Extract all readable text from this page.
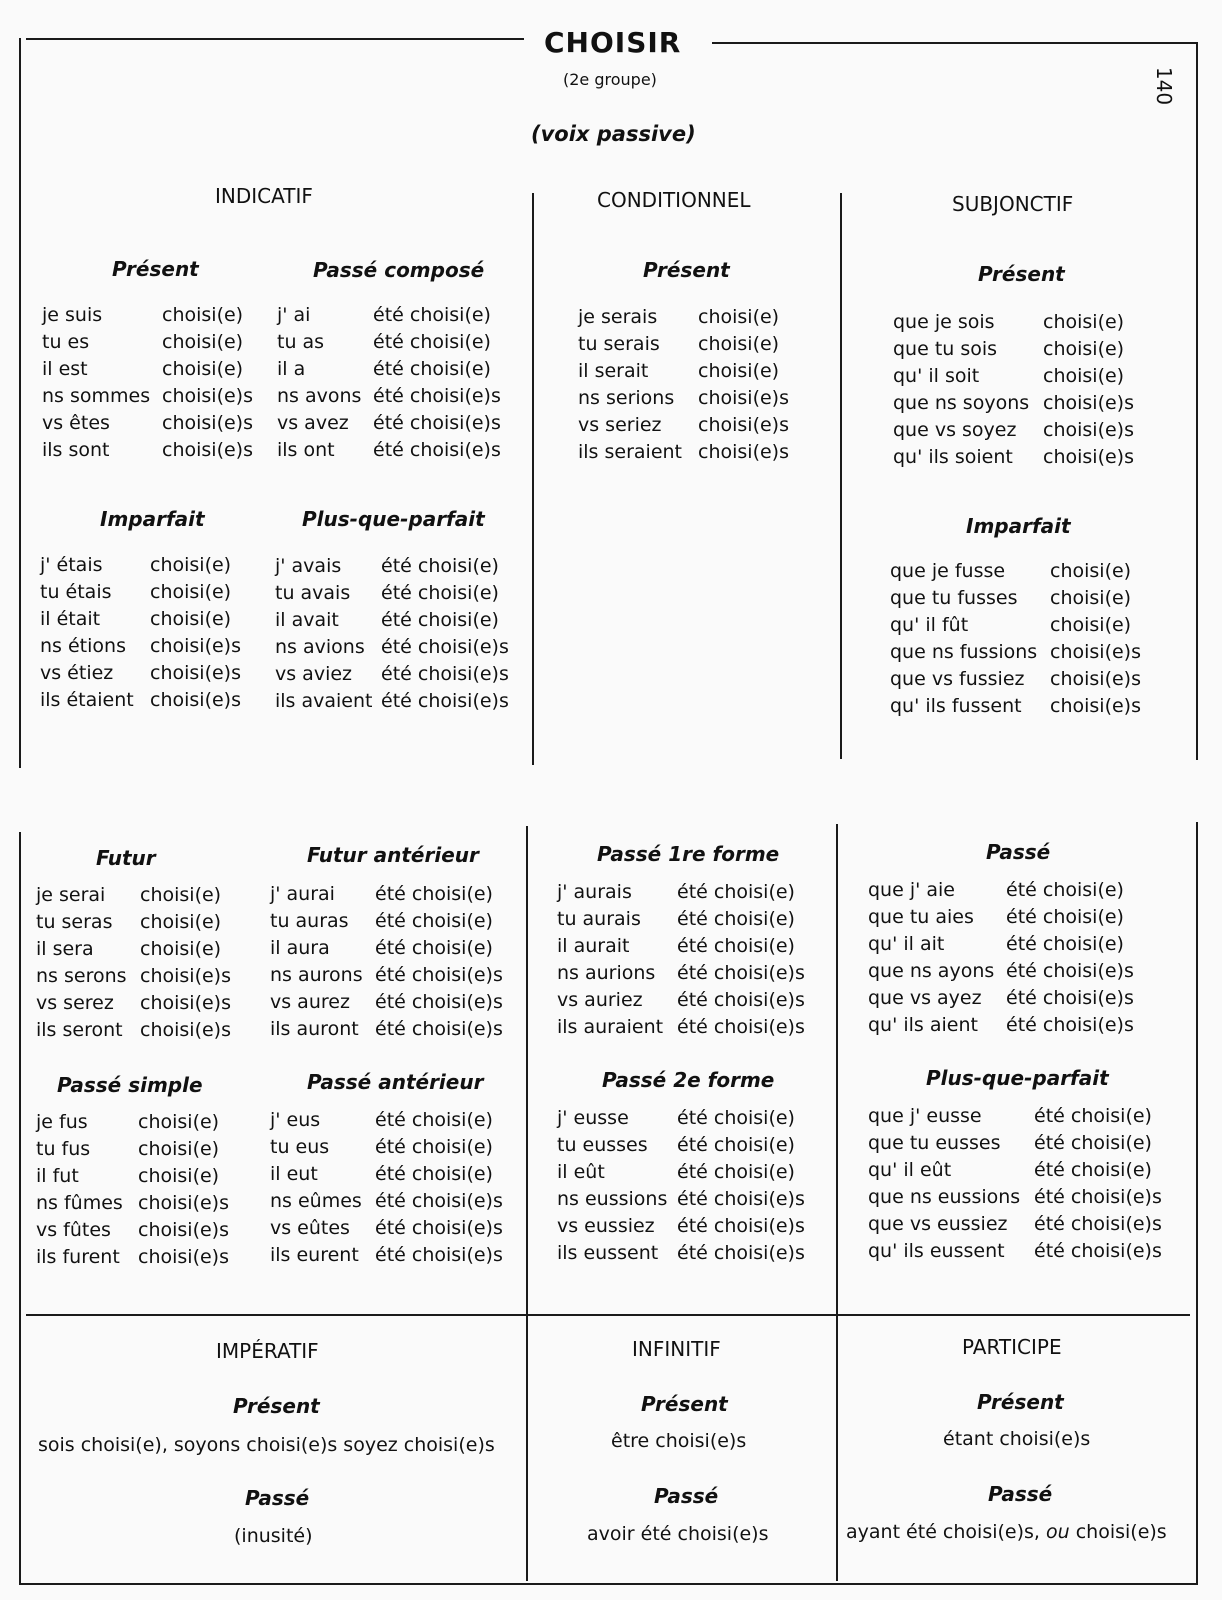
CHOISIR
(2e groupe)
(voix passive)
140
INDICATIF	CONDITIONNEL	SUBJONCTIF
Présent	Passé composé	Présent	Présent
Imparfait	Plus-que-parfait	Imparfait
je suis	choisi(e)
tu es	choisi(e)
il est	choisi(e)
ns sommes choisi(e)s
vs êtes	choisi(e)s
ils sont	choisi(e)s
j' ai	été choisi(e)
tu as	été choisi(e)
il a	été choisi(e)
ns avons été choisi(e)s
vs avez été choisi(e)s
ils ont été choisi(e)s
je serais choisi(e)
tu serais choisi(e)
il serait	choisi(e)
ns serions choisi(e)s
vs seriez choisi(e)s
ils seraient choisi(e)s
que je sois	choisi(e)
que tu sois choisi(e)
qu' il soit	choisi(e)
que ns soyons choisi(e)s
que vs soyez choisi(e)s
qu' ils soient choisi(e)s
j' étais choisi(e)
tu étais choisi(e)
il était	choisi(e)
ns étions choisi(e)s
vs étiez choisi(e)s
ils étaient choisi(e)s
j' avais été choisi(e)
tu avais été choisi(e)
il avait été choisi(e)
ns avions été choisi(e)s
vs aviez été choisi(e)s
ils avaient été choisi(e)s
que je fusse choisi(e)
que tu fusses choisi(e)
qu' il fût	choisi(e)
que ns fussions choisi(e)s
que vs fussiez choisi(e)s
qu' ils fussent choisi(e)s
Futur	Futur antérieur	Passé 1re forme	Passé
Passé simple	Passé antérieur	Passé 2e forme	Plus-que-parfait
je serai choisi(e)
tu seras choisi(e)
il sera choisi(e)
ns serons choisi(e)s
vs serez choisi(e)s
ils seront choisi(e)s
j' aurai été choisi(e)
tu auras été choisi(e)
il aura été choisi(e)
ns aurons été choisi(e)s
vs aurez été choisi(e)s
ils auront été choisi(e)s
j' aurais été choisi(e)
tu aurais été choisi(e)
il aurait	été choisi(e)
ns aurions été choisi(e)s
vs auriez été choisi(e)s
ils auraient été choisi(e)s
que j' aie	été choisi(e)
que tu aies été choisi(e)
qu' il ait	été choisi(e)
que ns ayons été choisi(e)s
que vs ayez été choisi(e)s
qu' ils aient été choisi(e)s
je fus	choisi(e)
tu fus	choisi(e)
il fut	choisi(e)
ns fûmes choisi(e)s
vs fûtes choisi(e)s
ils furent choisi(e)s
j' eus	été choisi(e)
tu eus été choisi(e)
il eut	été choisi(e)
ns eûmes été choisi(e)s
vs eûtes été choisi(e)s
ils eurent été choisi(e)s
j' eusse	été choisi(e)
tu eusses été choisi(e)
il eût	été choisi(e)
ns eussions été choisi(e)s
vs eussiez été choisi(e)s
ils eussent été choisi(e)s
que j' eusse	été choisi(e)
que tu eusses été choisi(e)
qu' il eût	été choisi(e)
que ns eussions été choisi(e)s
que vs eussiez été choisi(e)s
qu' ils eussent été choisi(e)s
IMPÉRATIF	INFINITIF	PARTICIPE
Présent	Présent	Présent
sois choisi(e), soyons choisi(e)s soyez choisi(e)s	être choisi(e)s	étant choisi(e)s
Passé	Passé	Passé
(inusité)	avoir été choisi(e)s	ayant été choisi(e)s, ou choisi(e)s
